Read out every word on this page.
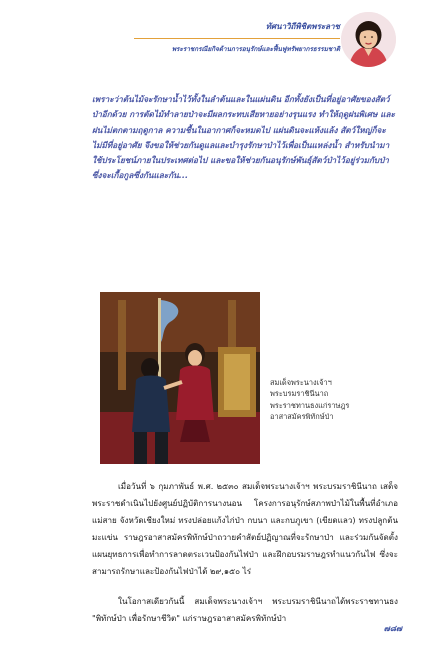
ทัศนาวิถีพิชิตพระลาช
พระราชกรณียกิจด้านการอนุรักษ์และฟื้นฟูทรัพยากรธรรมชาติ
เพราะว่าต้นไม้จะรักษาน้ำไว้ทั้งในลำต้นและในแผ่นดิน อีกทั้งยังเป็นที่อยู่อาศัยของสัตว์ป่าอีกด้วย การตัดไม้ทำลายป่าจะมีผลกระทบเสียหายอย่างรุนแรง ทำให้ฤดูฝนพิเศษ และฝนไม่ตกตามฤดูกาล ความชื้นในอากาศก็จะหมดไป แผ่นดินจะแห้งแล้ง สัตว์ใหญ่ก็จะไม่มีที่อยู่อาศัย จึงขอให้ช่วยกันดูแลและบำรุงรักษาป่าไว้เพื่อเป็นแหล่งน้ำ สำหรับนำมาใช้ประโยชน์ภายในประเทศต่อไป และขอให้ช่วยกันอนุรักษ์พันธุ์สัตว์ป่าไว้อยู่ร่วมกับป่า ซึ่งจะเกื้อกูลซึ่งกันและกัน...
สมเด็จพระนางเจ้าฯ
พระบรมราชินีนาถ
พระราชทานธงแก่ราษฎร
อาสาสมัครพิทักษ์ป่า

เมื่อวันที่ ๖ กุมภาพันธ์ พ.ศ. ๒๕๓๐ สมเด็จพระนางเจ้าฯ พระบรมราชินีนาถ เสด็จพระราชดำเนินไปยังศูนย์ปฏิบัติการนางนอน โครงการอนุรักษ์สภาพป่าไม้ในพื้นที่อำเภอแม่สาย จังหวัดเชียงใหม่ ทรงปล่อยแก้งไก่ป่า กบนา และกบภูเขา (เขียดแลว) ทรงปลูกต้นมะแข่น ราษฎรอาสาสมัครพิทักษ์ป่าถวายคำสัตย์ปฏิญาณที่จะรักษาป่า และร่วมกันจัดตั้งแผนยุทธการเพื่อทำการลาดตระเวนป้องกันไฟป่า และฝึกอบรมราษฎรทำแนวกันไฟ ซึ่งจะสามารถรักษาและป้องกันไฟป่าได้ ๒๙,๑๕๐ ไร่

ในโอกาสเดียวกันนี้ สมเด็จพระนางเจ้าฯ พระบรมราชินีนาถได้พระราชทานธง "พิทักษ์ป่า เพื่อรักษาชีวิต" แก่ราษฎรอาสาสมัครพิทักษ์ป่า

๗๘๗
